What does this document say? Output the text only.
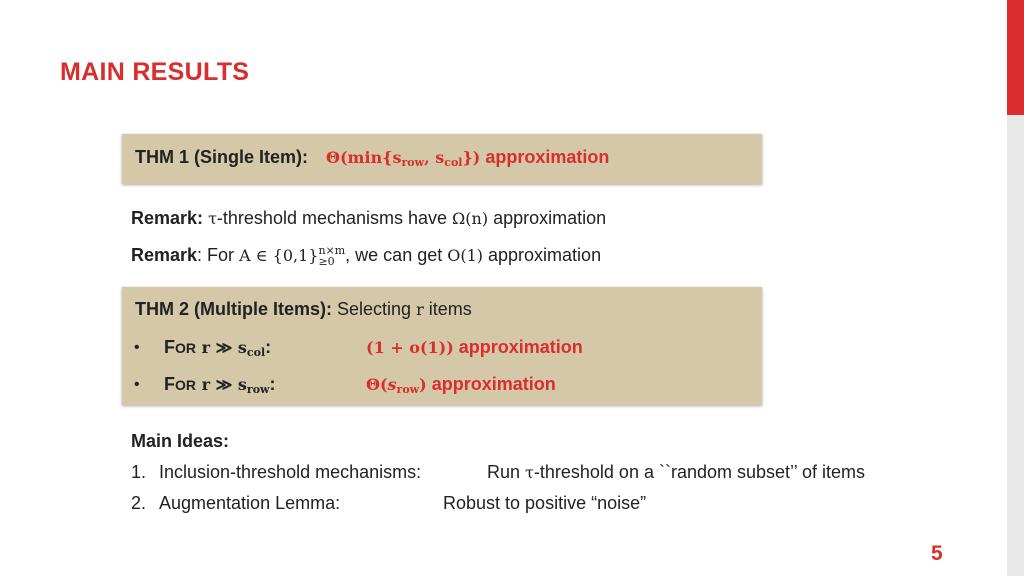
MAIN RESULTS
THM 1 (Single Item): $\Theta(\min\{s_{row}$, $s_{col}$}) approximation
Remark: τ-threshold mechanisms have Ω(n) approximation
Remark: For A ∈ {0,1} n×m
≥0 , we can get O(1) approximation
THM 2 (Multiple Items): Selecting r items
• FOR r ≫ $s_{col}$:	(1 + o(1)) approximation
• FOR r ≫ $s_{row}$:	$\Theta(s_{row})$ approximation
Main Ideas:
1. Inclusion-threshold mechanisms:	Run τ-threshold on a ``random subset’’ of items
2. Augmentation Lemma:	Robust to positive “noise”
5
